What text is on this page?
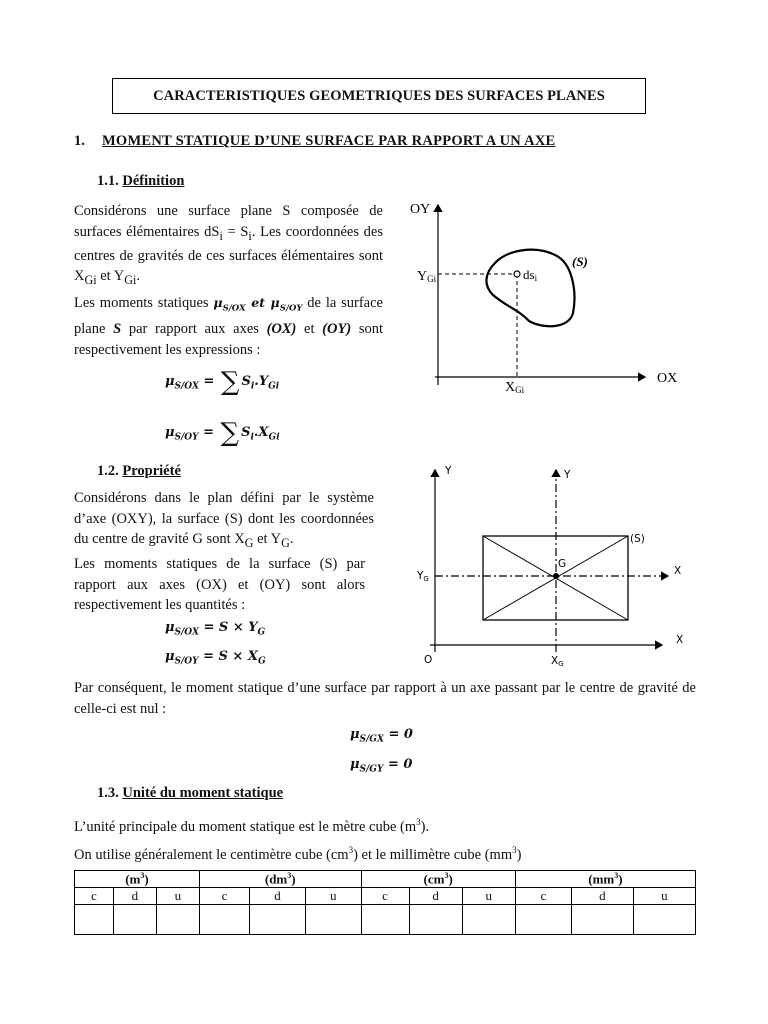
CARACTERISTIQUES GEOMETRIQUES DES SURFACES PLANES
1. MOMENT STATIQUE D’UNE SURFACE PAR RAPPORT A UN AXE
1.1. Définition
Considérons une surface plane S composée de surfaces élémentaires $dS_i = S_i$. Les coordonnées des centres de gravités de ces surfaces élémentaires sont $X_{Gi}$ et $Y_{Gi}$.
Les moments statiques $\mu_{S/OX}$ et $\mu_{S/OY}$ de la surface plane S par rapport aux axes (OX) et (OY) sont respectivement les expressions :
$\mu_{S/OX}$ = ∑ $S_i.Y_{Gi}$
$\mu_{S/OY}$ = ∑ $S_i.X_{Gi}$
OY
OX
YGi
XGi
dsi
(S)
1.2. Propriété
Considérons dans le plan défini par le système d’axe (OXY), la surface (S) dont les coordonnées du centre de gravité G sont $X_G$ et $Y_G$.
Les moments statiques de la surface (S) par rapport aux axes (OX) et (OY) sont alors respectivement les quantités :
$\mu_{S/OX} = S \times Y_G$
$\mu_{S/OY} = S \times X_G$
Y	Y
X
X
(S)
G
YG
XG
O
Par conséquent, le moment statique d’une surface par rapport à un axe passant par le centre de gravité de celle-ci est nul :
$\mu_{S/GX} = 0$
$\mu_{S/GY} = 0$
1.3. Unité du moment statique
L’unité principale du moment statique est le mètre cube $(m^3)$.
On utilise généralement le centimètre cube $(cm^3)$ et le millimètre cube $(mm^3)$
$(m^3)$			$(dm^3)$			$(cm^3)$			$(mm^3)$		
c	d	u	c	d	u	c	d	u	c	d	u
